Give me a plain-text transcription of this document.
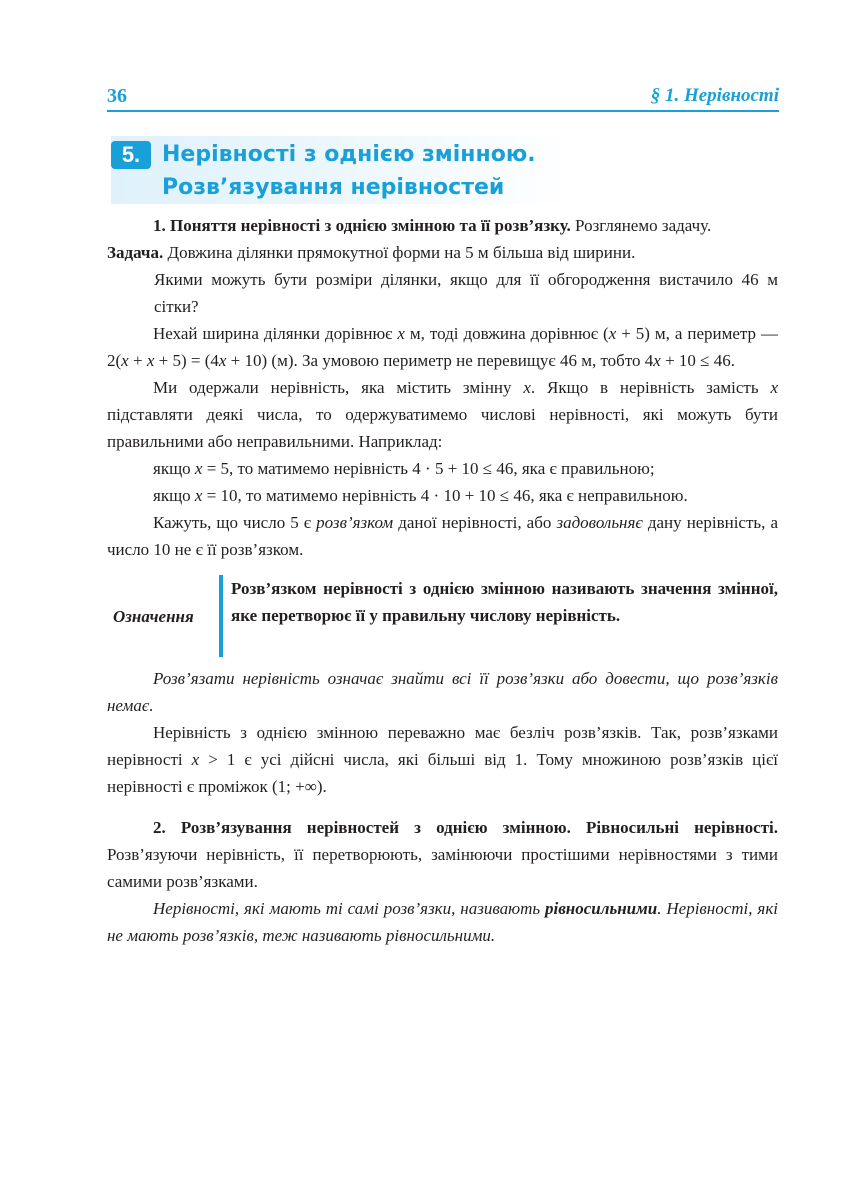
36	§ 1. Нерівності
5. Нерівності з однією змінною.
Розв’язування нерівностей

1. Поняття нерівності з однією змінною та її розв’язку. Розглянемо задачу.

Задача. Довжина ділянки прямокутної форми на 5 м більша від ширини.

Якими можуть бути розміри ділянки, якщо для її обгородження вистачило 46 м сітки?

Нехай ширина ділянки дорівнює x м, тоді довжина дорівнює (x + 5) м, а периметр — 2(x + x + 5) = (4x + 10) (м). За умовою периметр не перевищує 46 м, тобто 4x + 10 ≤ 46.

Ми одержали нерівність, яка містить змінну x. Якщо в нерівність замість x підставляти деякі числа, то одержуватимемо числові нерівності, які можуть бути правильними або неправильними. Наприклад:

якщо x = 5, то матимемо нерівність 4 · 5 + 10 ≤ 46, яка є правильною;

якщо x = 10, то матимемо нерівність 4 · 10 + 10 ≤ 46, яка є неправильною.

Кажуть, що число 5 є розв’язком даної нерівності, або задовольняє дану нерівність, а число 10 не є її розв’язком.

Означення
Розв’язком нерівності з однією змінною називають значення змінної, яке перетворює її у правильну числову нерівність.

Розв’язати нерівність означає знайти всі її розв’язки або довести, що розв’язків немає.

Нерівність з однією змінною переважно має безліч розв’язків. Так, розв’язками нерівності x > 1 є усі дійсні числа, які більші від 1. Тому множиною розв’язків цієї нерівності є проміжок (1; +∞).

2. Розв’язування нерівностей з однією змінною. Рівносильні нерівності. Розв’язуючи нерівність, її перетворюють, замінюючи простішими нерівностями з тими самими розв’язками.

Нерівності, які мають ті самі розв’язки, називають рівносильними. Нерівності, які не мають розв’язків, теж називають рівносильними.
